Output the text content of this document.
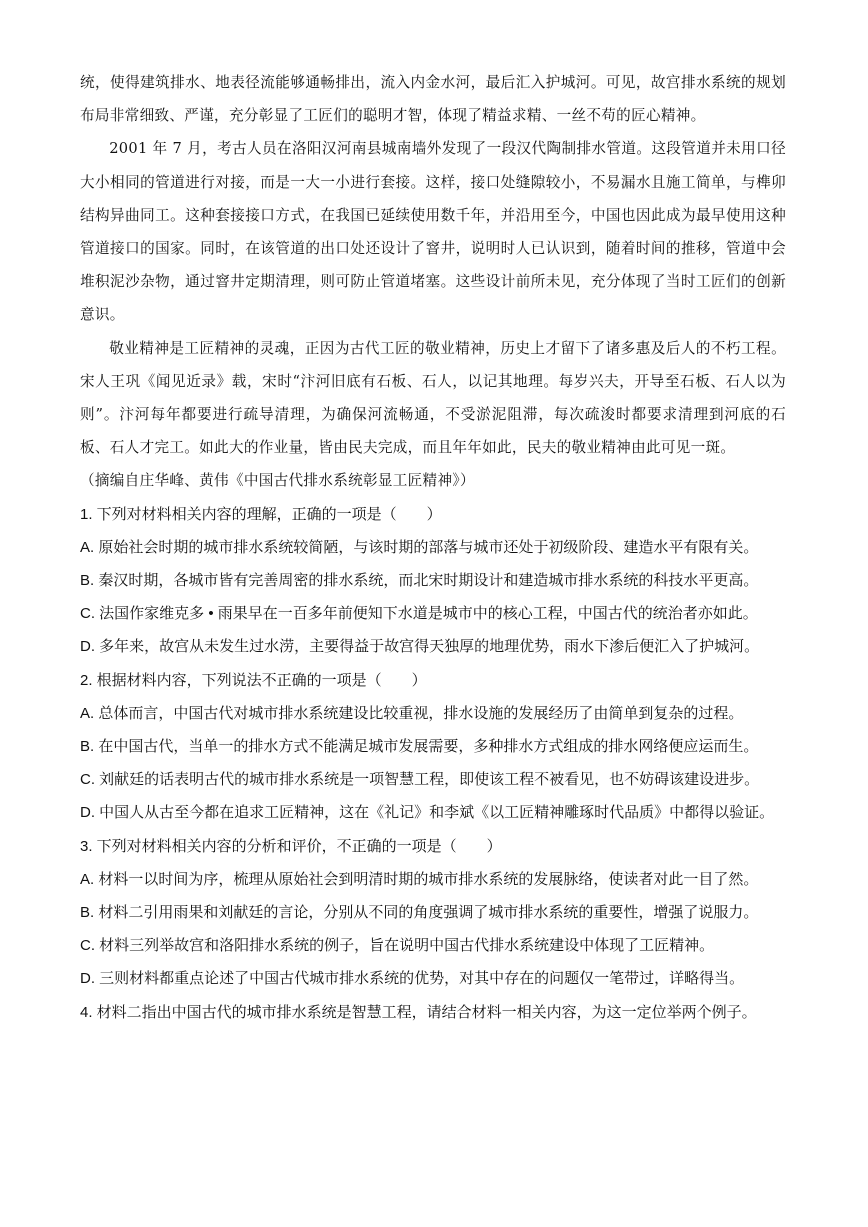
统，使得建筑排水、地表径流能够通畅排出，流入内金水河，最后汇入护城河。可见，故宫排水系统的规划布局非常细致、严谨，充分彰显了工匠们的聪明才智，体现了精益求精、一丝不苟的匠心精神。

2001 年 7 月，考古人员在洛阳汉河南县城南墙外发现了一段汉代陶制排水管道。这段管道并未用口径大小相同的管道进行对接，而是一大一小进行套接。这样，接口处缝隙较小，不易漏水且施工简单，与榫卯结构异曲同工。这种套接接口方式，在我国已延续使用数千年，并沿用至今，中国也因此成为最早使用这种管道接口的国家。同时，在该管道的出口处还设计了窨井，说明时人已认识到，随着时间的推移，管道中会堆积泥沙杂物，通过窨井定期清理，则可防止管道堵塞。这些设计前所未见，充分体现了当时工匠们的创新意识。

敬业精神是工匠精神的灵魂，正因为古代工匠的敬业精神，历史上才留下了诸多惠及后人的不朽工程。宋人王巩《闻见近录》载，宋时“汴河旧底有石板、石人，以记其地理。每岁兴夫，开导至石板、石人以为则”。汴河每年都要进行疏导清理，为确保河流畅通，不受淤泥阻滞，每次疏浚时都要求清理到河底的石板、石人才完工。如此大的作业量，皆由民夫完成，而且年年如此，民夫的敬业精神由此可见一斑。

（摘编自庄华峰、黄伟《中国古代排水系统彰显工匠精神》）

1. 下列对材料相关内容的理解，正确的一项是（　　）

A. 原始社会时期的城市排水系统较简陋，与该时期的部落与城市还处于初级阶段、建造水平有限有关。

B. 秦汉时期，各城市皆有完善周密的排水系统，而北宋时期设计和建造城市排水系统的科技水平更高。

C. 法国作家维克多 • 雨果早在一百多年前便知下水道是城市中的核心工程，中国古代的统治者亦如此。

D. 多年来，故宫从未发生过水涝，主要得益于故宫得天独厚的地理优势，雨水下渗后便汇入了护城河。

2. 根据材料内容，下列说法不正确的一项是（　　）

A. 总体而言，中国古代对城市排水系统建设比较重视，排水设施的发展经历了由简单到复杂的过程。

B. 在中国古代，当单一的排水方式不能满足城市发展需要，多种排水方式组成的排水网络便应运而生。

C. 刘献廷的话表明古代的城市排水系统是一项智慧工程，即使该工程不被看见，也不妨碍该建设进步。

D. 中国人从古至今都在追求工匠精神，这在《礼记》和李斌《以工匠精神雕琢时代品质》中都得以验证。

3. 下列对材料相关内容的分析和评价，不正确的一项是（　　）

A. 材料一以时间为序，梳理从原始社会到明清时期的城市排水系统的发展脉络，使读者对此一目了然。

B. 材料二引用雨果和刘献廷的言论，分别从不同的角度强调了城市排水系统的重要性，增强了说服力。

C. 材料三列举故宫和洛阳排水系统的例子，旨在说明中国古代排水系统建设中体现了工匠精神。

D. 三则材料都重点论述了中国古代城市排水系统的优势，对其中存在的问题仅一笔带过，详略得当。

4. 材料二指出中国古代的城市排水系统是智慧工程，请结合材料一相关内容，为这一定位举两个例子。
